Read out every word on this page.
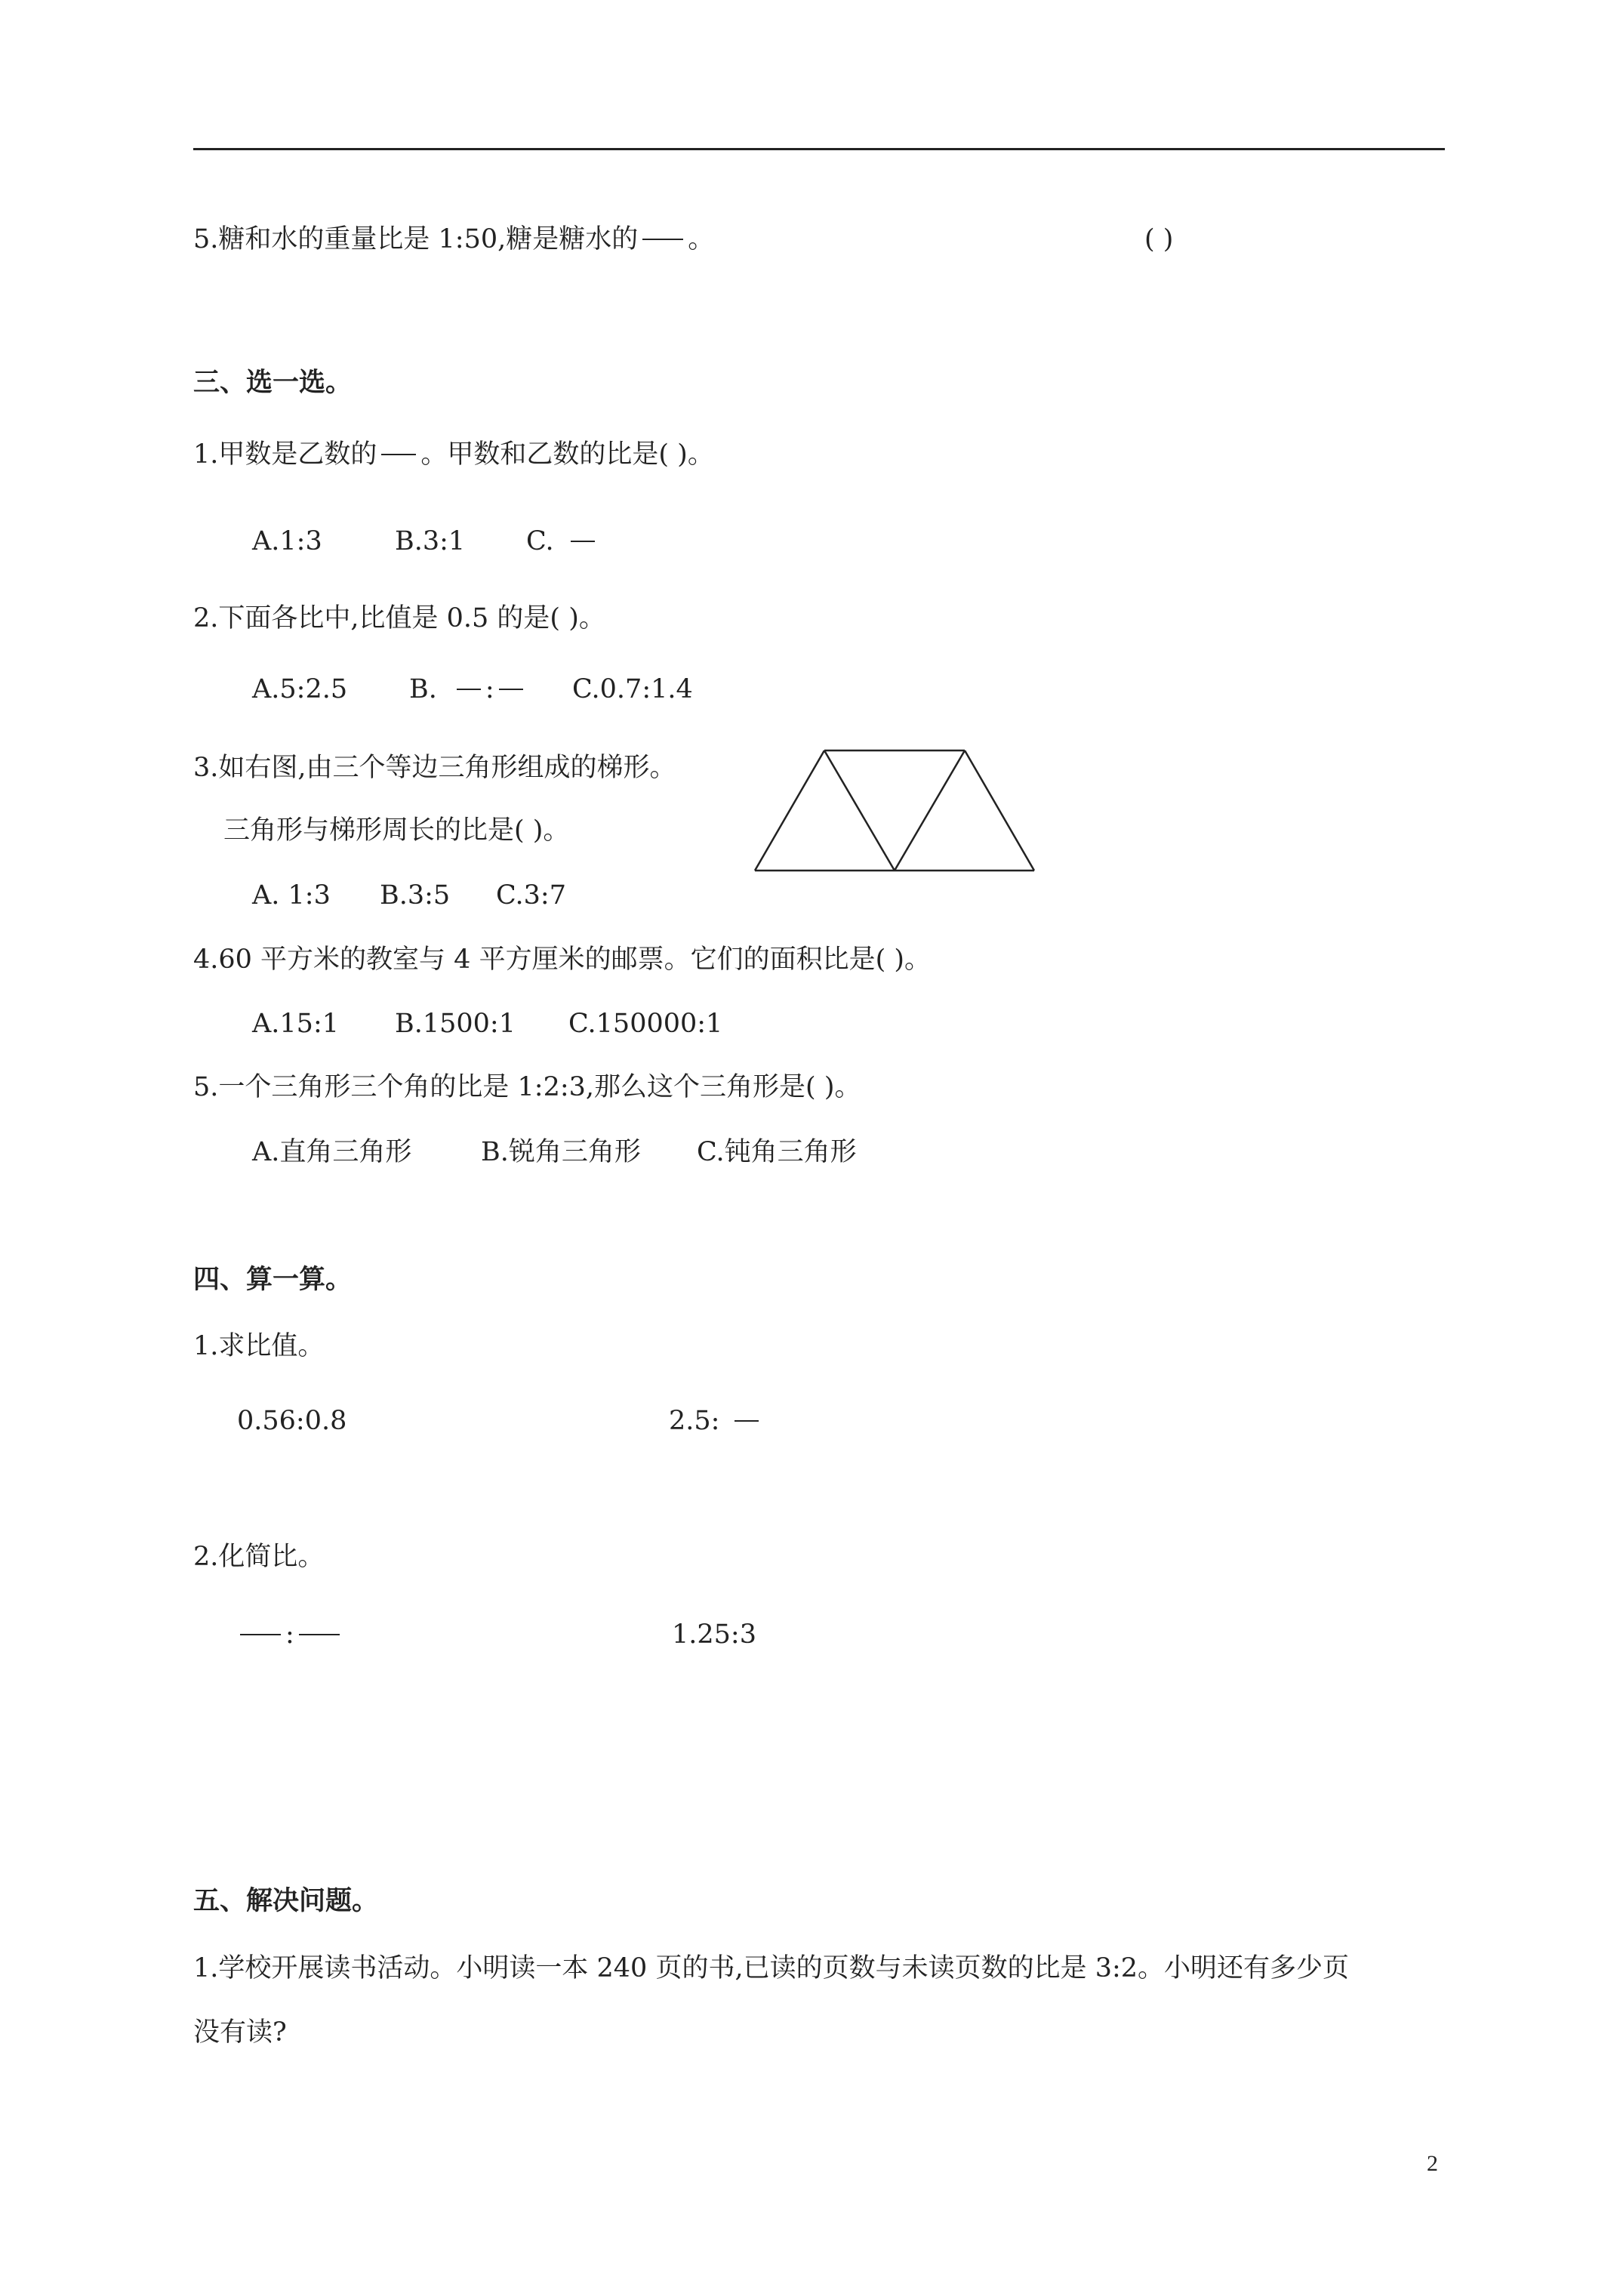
5.糖和水的重量比是 1:50,糖是糖水的 。	( )
三、选一选。
1.甲数是乙数的 。甲数和乙数的比是( )。
A.1:3	B.3:1 C.
2.下面各比中,比值是 0.5 的是( )。
A.5:2.5 B. :	C.0.7:1.4
3.如右图,由三个等边三角形组成的梯形。
三角形与梯形周长的比是( )。
A. 1:3 B.3:5 C.3:7
4.60 平方米的教室与 4 平方厘米的邮票。它们的面积比是( )。
A.15:1 B.1500:1 C.150000:1
5.一个三角形三个角的比是 1:2:3,那么这个三角形是( )。
A.直角三角形	B.锐角三角形 C.钝角三角形
四、算一算。
1.求比值。
0.56:0.8	2.5:
2.化简比。
:	1.25:3
五、解决问题。
1.学校开展读书活动。小明读一本 240 页的书,已读的页数与未读页数的比是 3:2。小明还有多少页
没有读?
2
